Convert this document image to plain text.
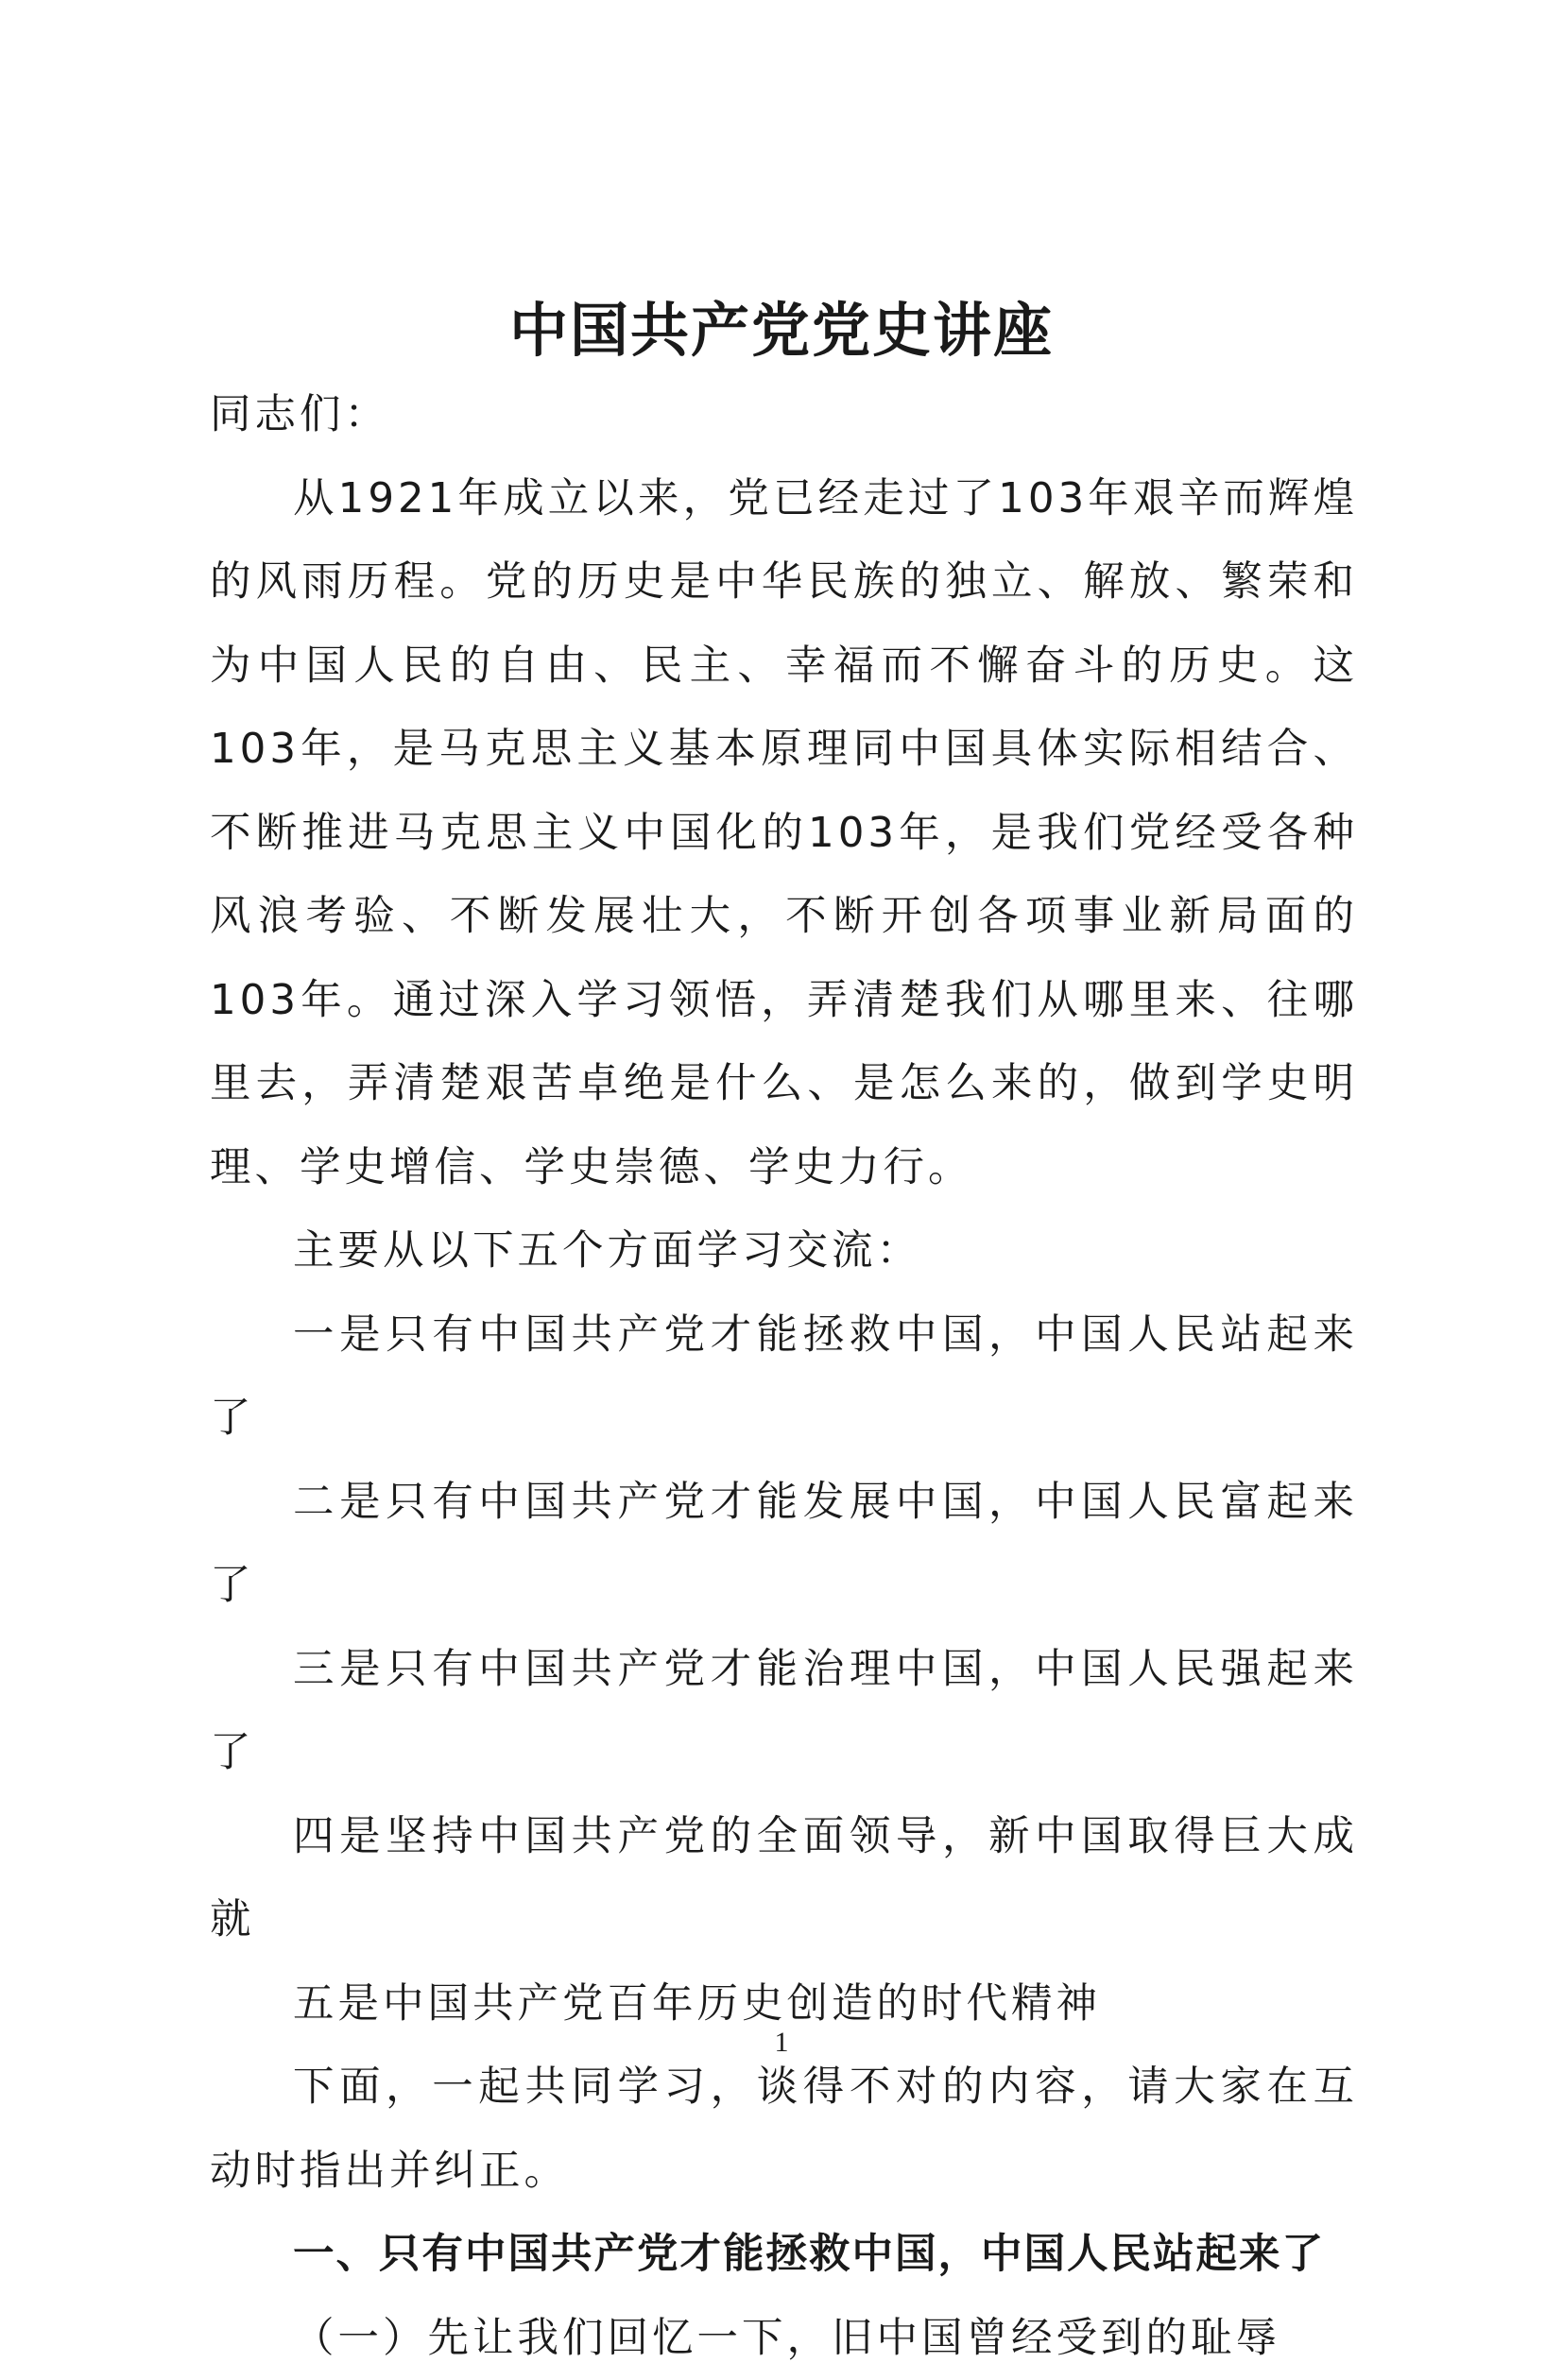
中国共产党党史讲座

同志们：

从1921年成立以来，党已经走过了103年艰辛而辉煌的风雨历程。党的历史是中华民族的独立、解放、繁荣和为中国人民的自由、民主、幸福而不懈奋斗的历史。这103年，是马克思主义基本原理同中国具体实际相结合、不断推进马克思主义中国化的103年，是我们党经受各种风浪考验、不断发展壮大，不断开创各项事业新局面的103年。通过深入学习领悟，弄清楚我们从哪里来、往哪里去，弄清楚艰苦卓绝是什么、是怎么来的，做到学史明理、学史增信、学史崇德、学史力行。

主要从以下五个方面学习交流：

一是只有中国共产党才能拯救中国，中国人民站起来了

二是只有中国共产党才能发展中国，中国人民富起来了

三是只有中国共产党才能治理中国，中国人民强起来了

四是坚持中国共产党的全面领导，新中国取得巨大成就

五是中国共产党百年历史创造的时代精神

下面，一起共同学习，谈得不对的内容，请大家在互动时指出并纠正。

一、只有中国共产党才能拯救中国，中国人民站起来了

（一）先让我们回忆一下，旧中国曾经受到的耻辱

1
